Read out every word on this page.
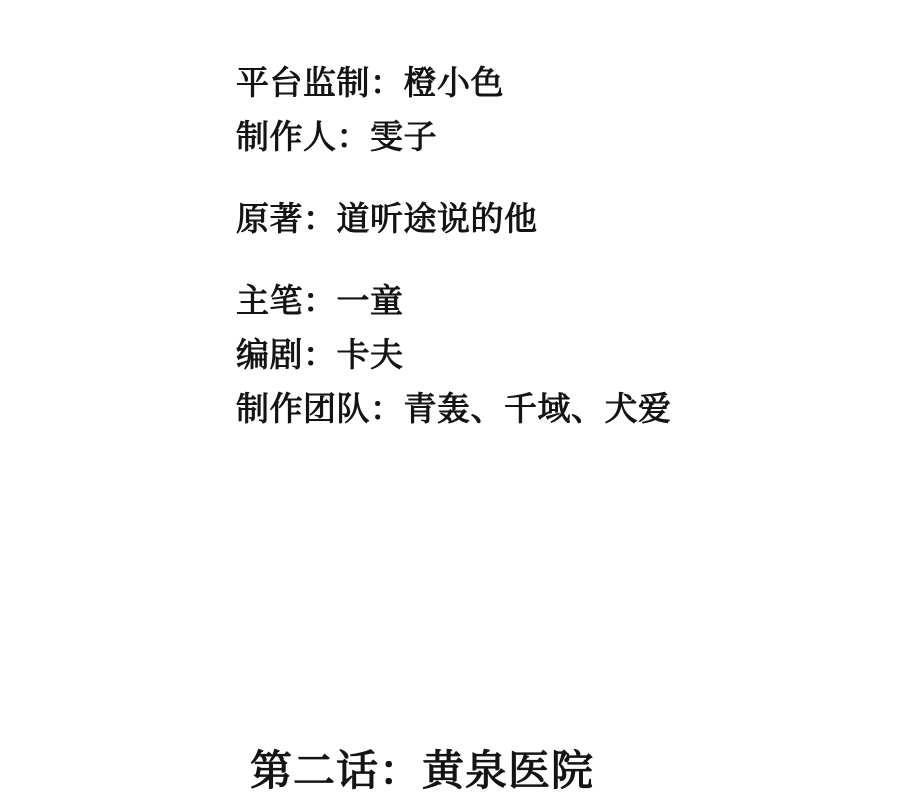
平台监制：橙小色
制作人：雯子
原著：道听途说的他
主笔：一童
编剧：卡夫
制作团队：青轰、千域、犬爱
第二话：黄泉医院
